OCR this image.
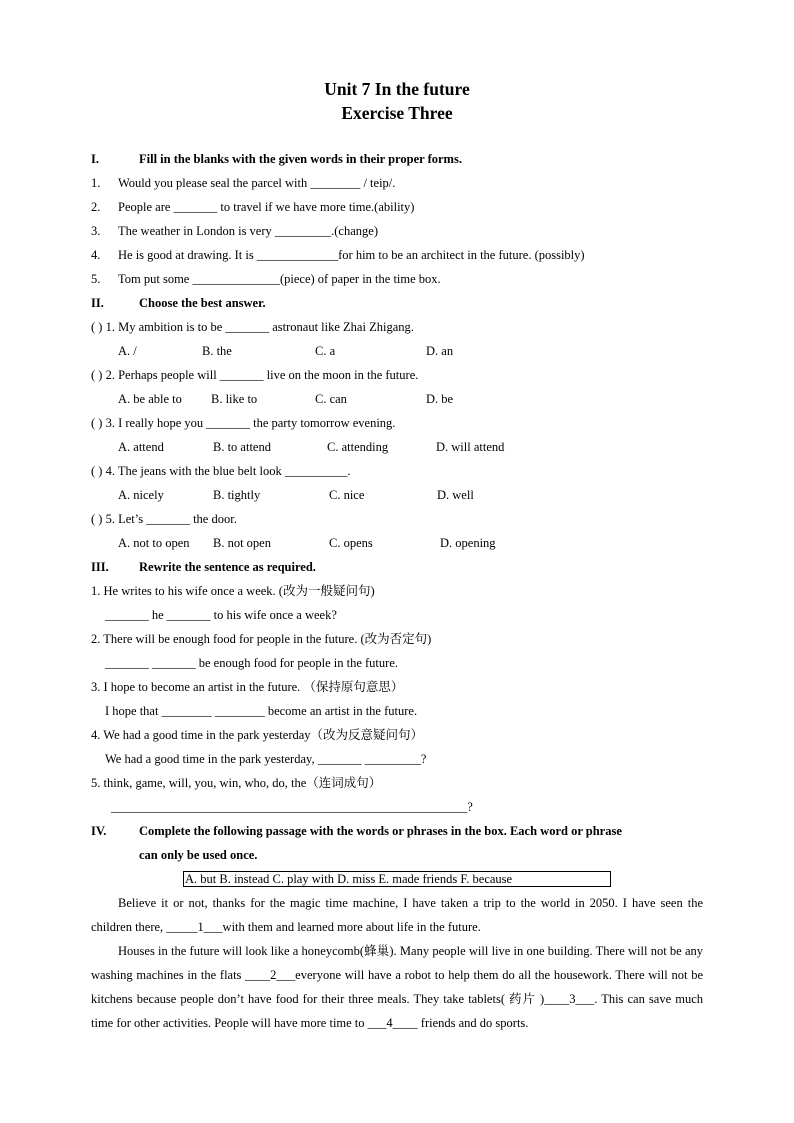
Unit 7 In the future
Exercise Three
I.	Fill in the blanks with the given words in their proper forms.
1. Would you please seal the parcel with ________ / teip/.
2. People are _______ to travel if we have more time.(ability)
3. The weather in London is very _________.(change)
4. He is good at drawing. It is _____________for him to be an architect in the future. (possibly)
5. Tom put some ______________(piece) of paper in the time box.
II.	Choose the best answer.
( ) 1. My ambition is to be _______ astronaut like Zhai Zhigang.
A. /	B. the	C. a	D. an
( ) 2. Perhaps people will _______ live on the moon in the future.
A. be able to B. like to	C. can	D. be
( ) 3. I really hope you _______ the party tomorrow evening.
A. attend	B. to attend	C. attending	D. will attend
( ) 4. The jeans with the blue belt look __________.
A. nicely	B. tightly	C. nice	D. well
( ) 5. Let’s _______ the door.
A. not to open B. not open	C. opens	D. opening
III. Rewrite the sentence as required.
1. He writes to his wife once a week. (改为一般疑问句)
_______ he _______ to his wife once a week?
2. There will be enough food for people in the future. (改为否定句)
_______ _______ be enough food for people in the future.
3. I hope to become an artist in the future. （保持原句意思）
I hope that ________ ________ become an artist in the future.
4. We had a good time in the park yesterday（改为反意疑问句）
We had a good time in the park yesterday, _______ _________?
5. think, game, will, you, win, who, do, the（连词成句）
_________________________________________________________?
IV.	Complete the following passage with the words or phrases in the box. Each word or phrase
can only be used once.
A. but B. instead C. play with D. miss E. made friends F. because
Believe it or not, thanks for the magic time machine, I have taken a trip to the world in 2050. I have seen the children there, _____1___with them and learned more about life in the future.
Houses in the future will look like a honeycomb(蜂巢). Many people will live in one building. There will not be any washing machines in the flats ____2___everyone will have a robot to help them do all the housework. There will not be kitchens because people don’t have food for their three meals. They take tablets( 药片 )____3___. This can save much time for other activities. People will have more time to ___4____ friends and do sports.
